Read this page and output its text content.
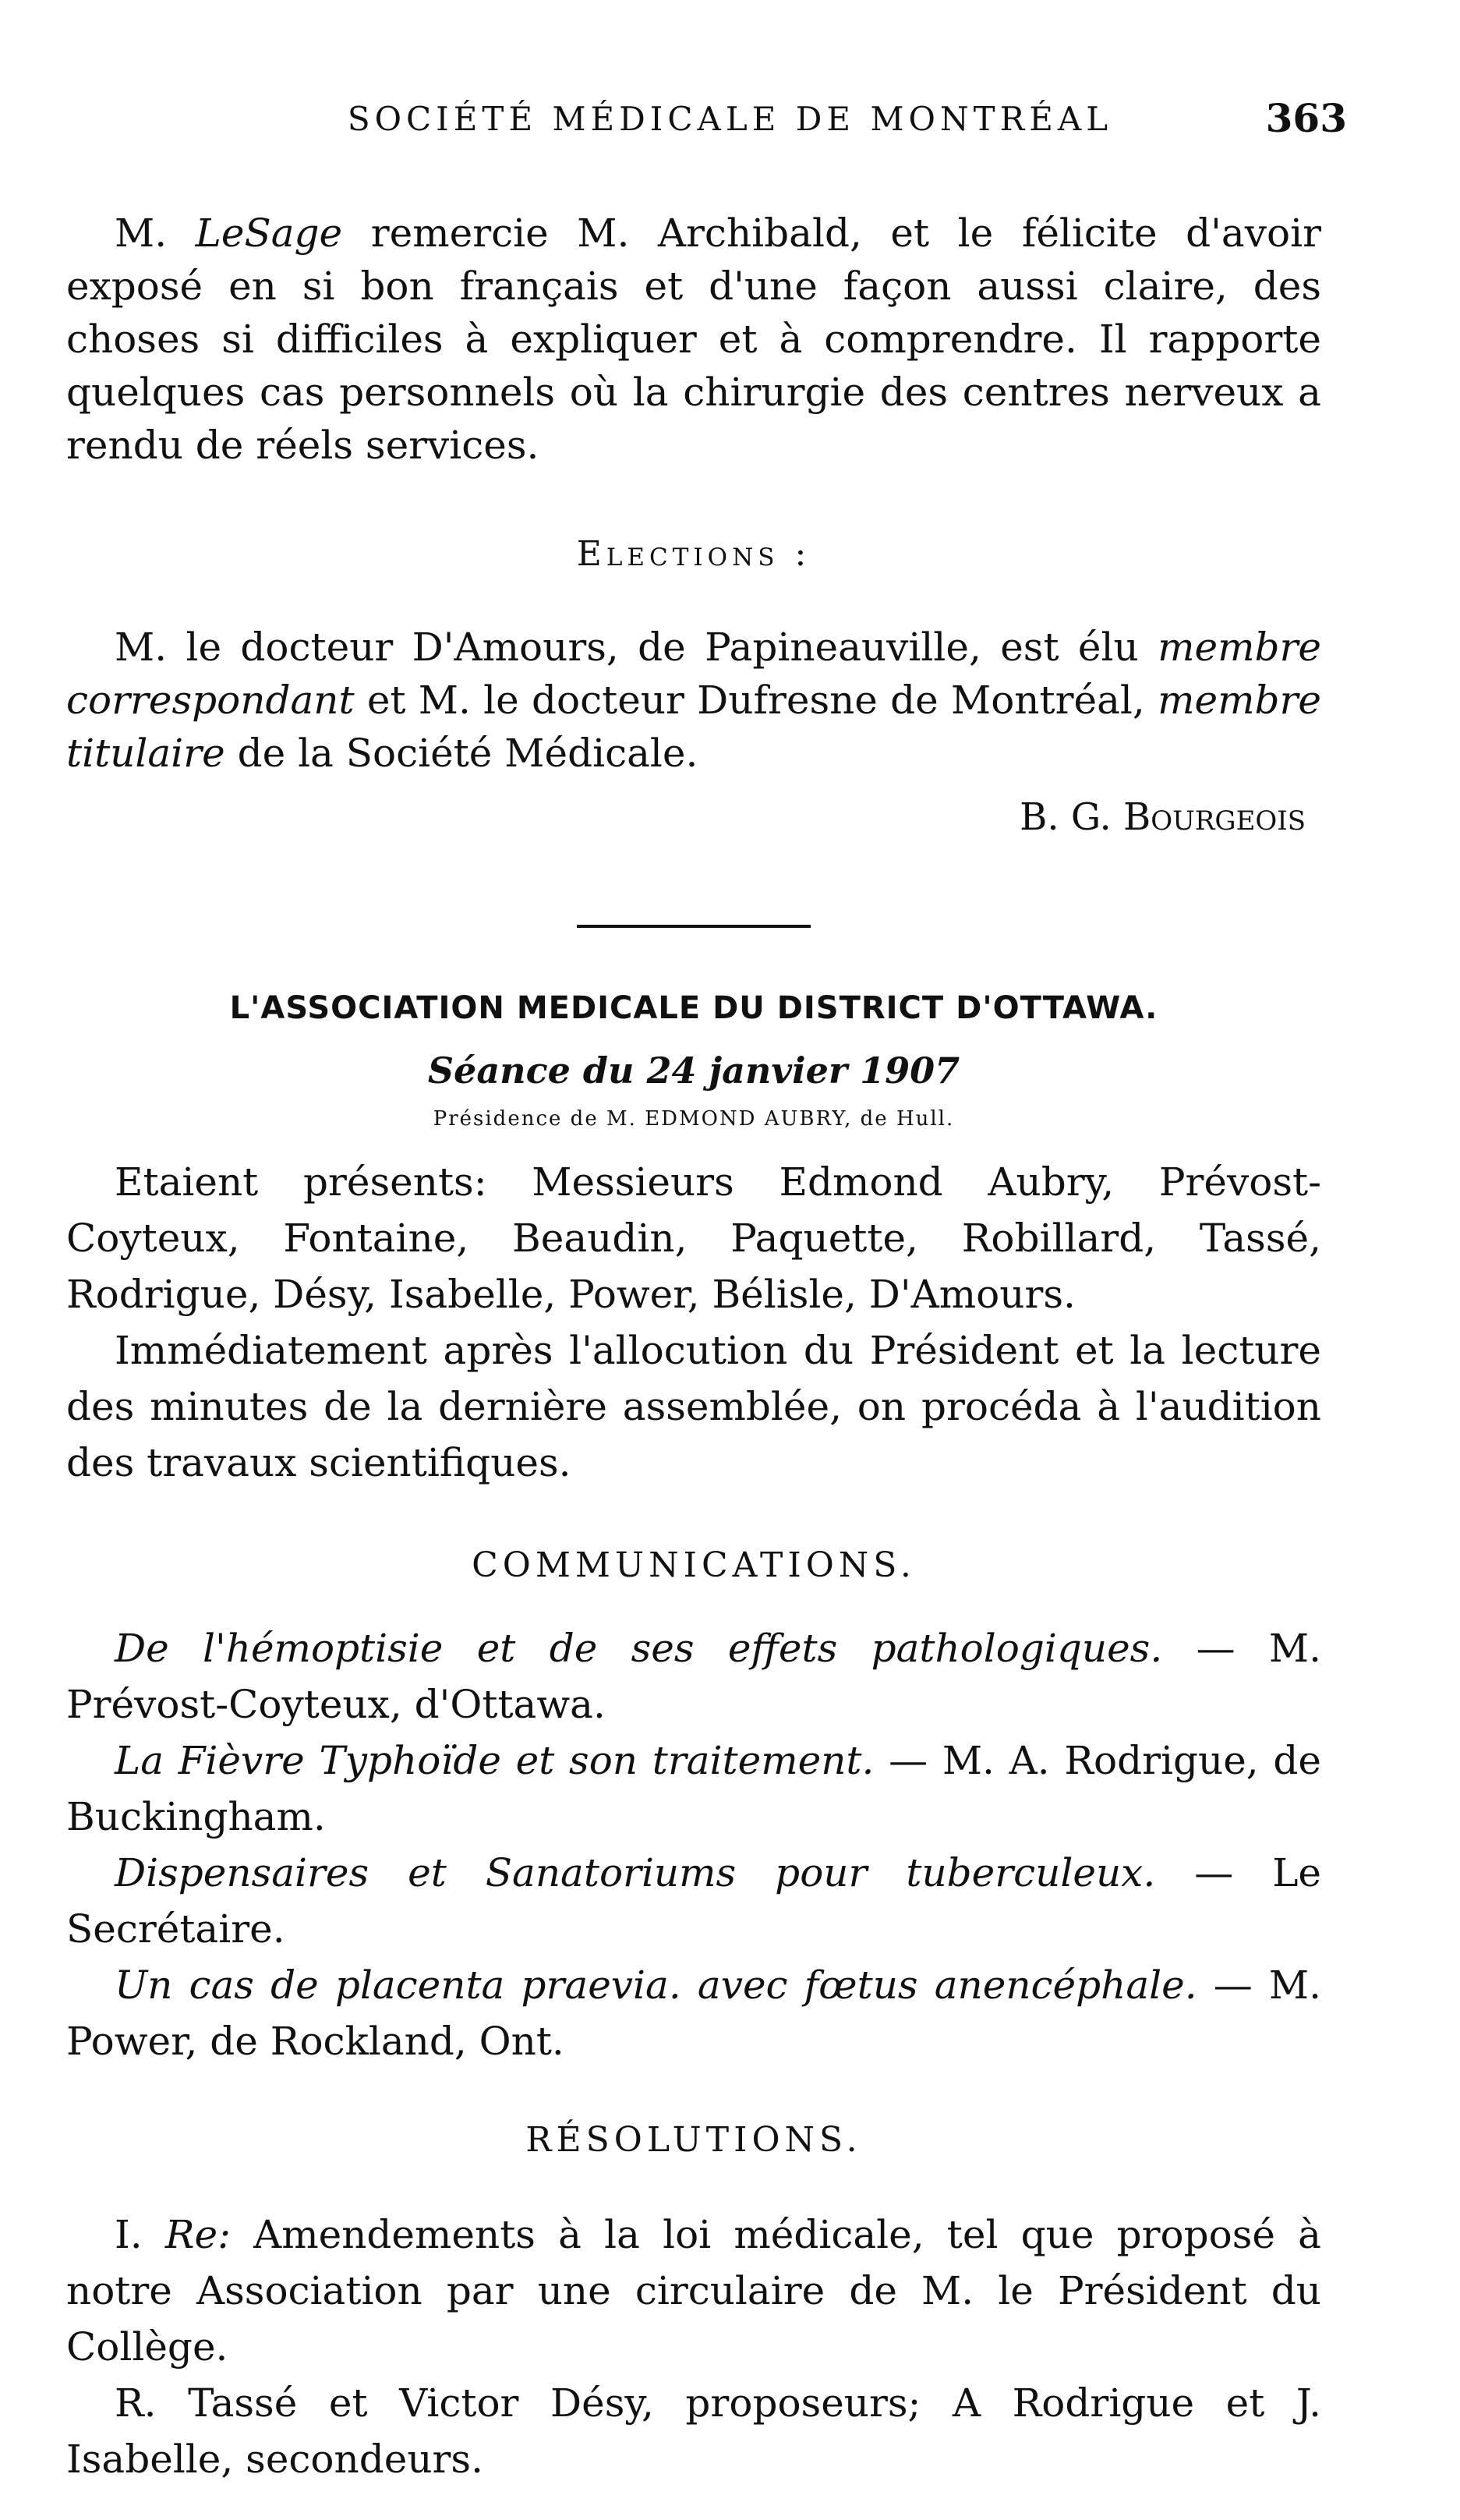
SOCIÉTÉ MÉDICALE DE MONTRÉAL	363

M. LeSage remercie M. Archibald, et le félicite d'avoir exposé en si bon français et d'une façon aussi claire, des choses si difficiles à expliquer et à comprendre. Il rapporte quelques cas personnels où la chirurgie des centres nerveux a rendu de réels services.

Elections :

M. le docteur D'Amours, de Papineauville, est élu membre correspondant et M. le docteur Dufresne de Montréal, membre titulaire de la Société Médicale.

B. G. Bourgeois
L'ASSOCIATION MEDICALE DU DISTRICT D'OTTAWA.
Séance du 24 janvier 1907
Présidence de M. EDMOND AUBRY, de Hull.

Etaient présents: Messieurs Edmond Aubry, Prévost-Coyteux, Fontaine, Beaudin, Paquette, Robillard, Tassé, Rodrigue, Désy, Isabelle, Power, Bélisle, D'Amours.

Immédiatement après l'allocution du Président et la lecture des minutes de la dernière assemblée, on procéda à l'audition des travaux scientifiques.

COMMUNICATIONS.

De l'hémoptisie et de ses effets pathologiques. — M. Prévost-Coyteux, d'Ottawa.

La Fièvre Typhoïde et son traitement. — M. A. Rodrigue, de Buckingham.

Dispensaires et Sanatoriums pour tuberculeux. — Le Secrétaire.

Un cas de placenta praevia. avec fœtus anencéphale. — M. Power, de Rockland, Ont.

RÉSOLUTIONS.

I. Re: Amendements à la loi médicale, tel que proposé à notre Association par une circulaire de M. le Président du Collège.

R. Tassé et Victor Désy, proposeurs; A Rodrigue et J. Isabelle, secondeurs.
